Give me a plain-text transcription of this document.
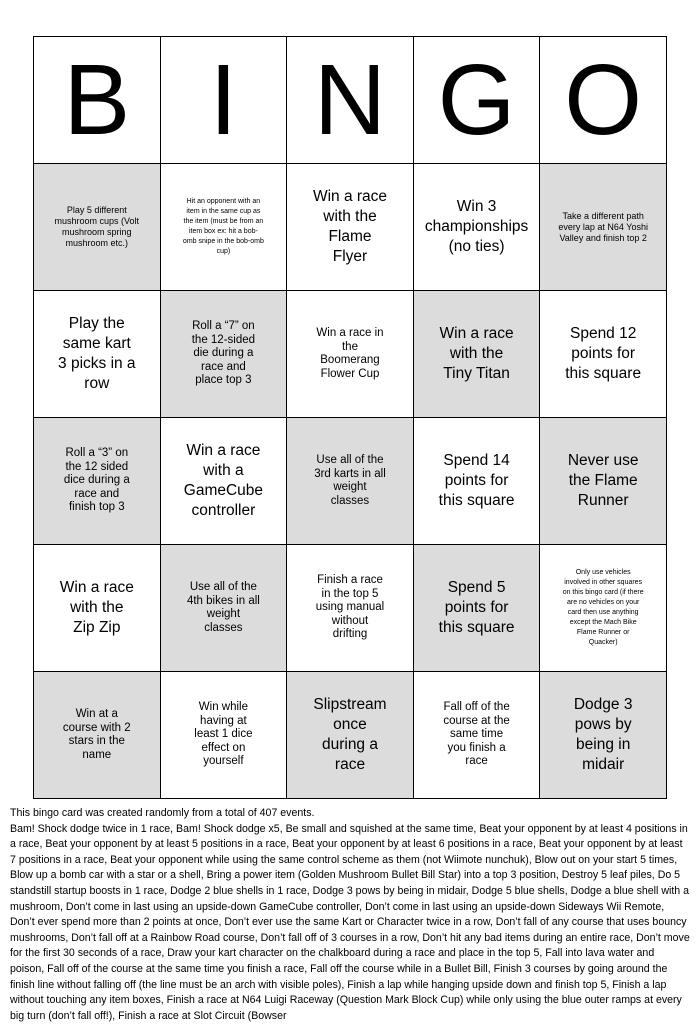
B I N G O
Play 5 different mushroom cups (Volt mushroom spring mushroom etc.)
Hit an opponent with an item in the same cup as the item (must be from an item box ex: hit a bob-omb snipe in the bob-omb cup)
Win a race with the Flame Flyer
Win 3 championships (no ties)
Take a different path every lap at N64 Yoshi Valley and finish top 2
Play the same kart 3 picks in a row
Roll a “7” on the 12-sided die during a race and place top 3
Win a race in the Boomerang Flower Cup
Win a race with the Tiny Titan
Spend 12 points for this square
Roll a “3” on the 12 sided dice during a race and finish top 3
Win a race with a GameCube controller
Use all of the 3rd karts in all weight classes
Spend 14 points for this square
Never use the Flame Runner
Win a race with the Zip Zip
Use all of the 4th bikes in all weight classes
Finish a race in the top 5 using manual without drifting
Spend 5 points for this square
Only use vehicles involved in other squares on this bingo card (if there are no vehicles on your card then use anything except the Mach Bike Flame Runner or Quacker)
Win at a course with 2 stars in the name
Win while having at least 1 dice effect on yourself
Slipstream once during a race
Fall off of the course at the same time you finish a race
Dodge 3 pows by being in midair
This bingo card was created randomly from a total of 407 events.
Bam! Shock dodge twice in 1 race, Bam! Shock dodge x5, Be small and squished at the same time, Beat your opponent by at least 4 positions in a race, Beat your opponent by at least 5 positions in a race, Beat your opponent by at least 6 positions in a race, Beat your opponent by at least 7 positions in a race, Beat your opponent while using the same control scheme as them (not Wiimote nunchuk), Blow out on your start 5 times, Blow up a bomb car with a star or a shell, Bring a power item (Golden Mushroom Bullet Bill Star) into a top 3 position, Destroy 5 leaf piles, Do 5 standstill startup boosts in 1 race, Dodge 2 blue shells in 1 race, Dodge 3 pows by being in midair, Dodge 5 blue shells, Dodge a blue shell with a mushroom, Don’t come in last using an upside-down GameCube controller, Don’t come in last using an upside-down Sideways Wii Remote, Don’t ever spend more than 2 points at once, Don’t ever use the same Kart or Character twice in a row, Don’t fall of any course that uses bouncy mushrooms, Don’t fall off at a Rainbow Road course, Don’t fall off of 3 courses in a row, Don’t hit any bad items during an entire race, Don’t move for the first 30 seconds of a race, Draw your kart character on the chalkboard during a race and place in the top 5, Fall into lava water and poison, Fall off of the course at the same time you finish a race, Fall off the course while in a Bullet Bill, Finish 3 courses by going around the finish line without falling off (the line must be an arch with visible poles), Finish a lap while hanging upside down and finish top 5, Finish a lap without touching any item boxes, Finish a race at N64 Luigi Raceway (Question Mark Block Cup) while only using the blue outer ramps at every big turn (don’t fall off!), Finish a race at Slot Circuit (Bowser
